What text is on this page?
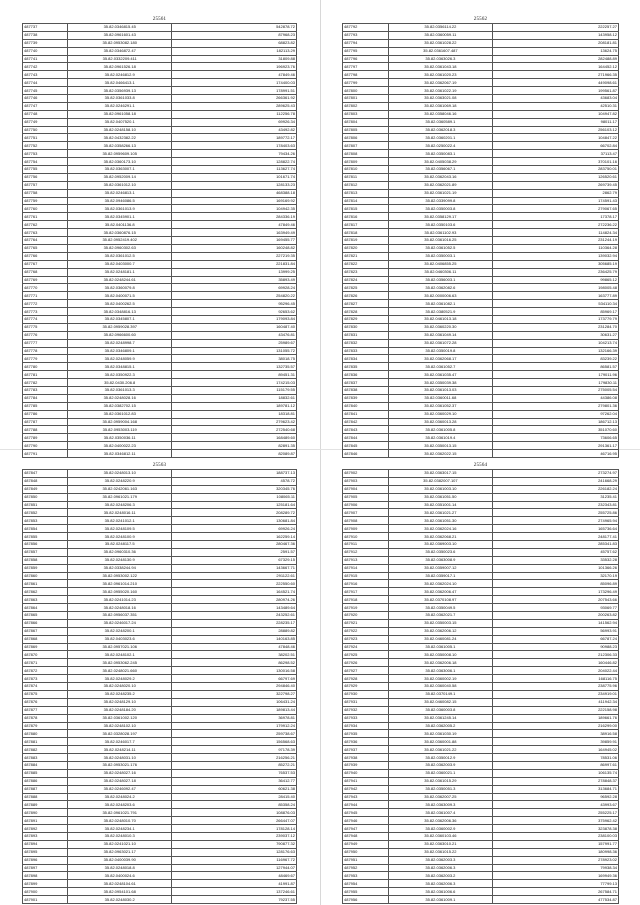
25561
487737	35.82.0346815.45	542878.72
487738	35.82.0961601.43	87968.23
487739	35.82.0953082.180	68823.82
487740	35.82.0346872.47	182113.29
487741	35.82.0332209.411	31809.88
487742	35.82.0961526.18	196923.76
487743	35.82.0246812.9	47849.46
487744	35.82.0466413.1	174400.03
487745	35.82.0356939.13	178991.51
487746	35.82.0361033.8	266361.92
487747	35.82.0246291.1	289625.43
487748	35.82.0961058.18	112256.78
487749	35.82.0407520.1	69926.34
487750	35.82.0248158.10	43492.82
487751	35.82.0432382.22	189772.17
487752	35.82.0358266.13	178403.63
487753	35.82.0959609.105	79434.26
487754	35.82.0360173.10	128822.74
487755	35.82.0363007.1	113627.74
487756	35.82.0952009.14	101671.74
487757	35.82.0361012.10	128133.23
487758	35.82.0246813.1	468388.18
487759	35.82.0946086.5	169169.92
487760	35.82.0361013.9	104942.35
487761	35.82.0345901.1	284336.19
487762	35.82.0401136.8	47849.46
487763	35.82.0360876.15	163949.49
487764	35.82.0952419.402	169455.77
487765	35.82.0960302.63	160248.82
487766	35.82.0361012.5	227219.35
487767	35.82.0403000.7	221831.84
487768	35.82.0248181.1	13999.25
487769	35.82.0248244.61	35893.49
487770	35.82.0360079.8	69928.24
487771	35.82.0400071.5	254820.22
487772	35.82.0400262.5	95296.45
487773	35.82.0348816.13	92653.62
487774	35.82.0345807.1	179093.84
487775	35.82.0959028.397	160487.40
487776	35.82.0966600.60	43476.81
487777	35.82.0248998.7	25989.67
487778	35.82.0346809.1	131055.72
487779	35.82.0248059.9	38018.75
487780	35.82.0348815.1	132735.57
487781	35.82.0350922.3	89451.31
487782	35.82.0430.206.8	174215.03
487783	35.82.0361013.3	115179.55
487784	35.82.0248028.16	18832.61
487785	35.82.0382702.15	189781.12
487786	35.82.0361012.83	18318.81
487787	35.82.0959004.168	279623.42
487788	35.82.0953003.119	272540.68
487789	35.82.0350036.11	168489.60
487790	35.82.0400022.23	82891.35
487791	35.82.0346812.11	82089.87
25562
487792	35.82.0356114.22	222257.27
487793	35.82.0360059.11	143958.12
487794	35.82.0361028.22	208181.81
487795	35.82.0361607.487	13624.75
487796	35.82.0363026.3	282488.89
487797	35.82.0361043.18	164452.12
487798	35.82.0361020.23	271966.35
487799	35.82.0362067.19	449098.61
487800	35.82.0361022.19	199561.87
487801	35.82.0363021.08	43683.04
487802	35.82.0361069.18	42510.31
487803	35.82.0358046.16	104947.82
487804	35.82.0360589.1	98011.17
487805	35.82.0362018.3	256103.12
487806	35.82.0360201.1	104847.22
487807	35.82.0250022.4	66702.84
487808	35.82.0350083.1	37113.47
487809	35.82.0405038.29	370101.16
487810	35.82.0356067.1	283750.01
487811	35.82.0362043.16	126520.61
487812	35.82.0362021.89	269739.45
487813	35.82.0361021.19	2862.79
487814	35.82.0339099.8	174591.43
487815	35.82.0350003.8	279067.65
487816	35.82.0358129.17	17378.17
487817	35.82.0350103.6	272236.22
487818	35.82.0361102.93	114824.34
487819	35.82.0361016.25	231244.19
487820	35.82.0361052.5	110364.28
487821	35.82.0350003.1	139032.94
487822	35.82.0406855.25	305685.19
487823	35.82.0460306.11	236425.79
487824	35.82.0356003.1	99865.12
487825	35.82.0362082.6	198005.48
487826	35.82.0000006.63	163777.89
487827	35.82.0361082.1	534110.34
487828	35.82.0380521.9	85969.17
487829	35.82.0461013.18	173779.79
487830	35.82.0360220.30	231284.70
487831	35.82.0361049.14	30631.27
487832	35.82.0361072.28	104213.74
487833	35.82.0350019.8	132166.39
487834	35.82.0362068.17	83239.22
487835	35.82.0361052.7	86581.57
487836	35.82.0361035.47	179011.96
487837	35.82.0350039.38	179830.11
487838	35.82.0361013.03	275005.54
487839	35.82.0360011.68	44386.08
487840	35.82.0361052.37	279801.36
487841	35.82.0360029.10	97262.04
487842	35.82.0360013.28	186712.13
487843	35.82.0361005.8	351070.60
487844	35.82.0361019.4	73606.65
487845	35.82.0350013.15	291361.17
487846	35.82.0362022.15	46716.95
25563
487847	35.82.0248013.10	188737.13
487848	35.82.0248220.9	4578.72
487849	35.82.0242061.163	320345.76
487850	35.82.0961021.179	108065.11
487851	35.82.0248206.3	125181.64
487852	35.82.0248016.11	208289.72
487853	35.82.0241012.1	130681.84
487854	35.82.0248109.5	69926.24
487855	35.82.0248100.9	162259.14
487856	35.82.0248117.5	280467.36
487857	35.82.0960310.36	2591.57
487858	35.82.0248130.9	67329.15
487859	35.82.0338244.94	143667.71
487860	35.82.0953002.122	291122.61
487861	35.82.0961014.210	222550.60
487862	35.82.0955020.160	164521.74
487863	35.82.0241014.23	280974.26
487864	35.82.0248018.16	143489.64
487865	35.82.0956037.351	243252.61
487866	35.82.0246017.24	228235.17
487867	35.82.0248200.1	28889.82
487868	35.82.0403023.6	140163.85
487869	35.82.0957021.106	47848.46
487870	35.82.0248102.1	38202.51
487871	35.82.0953062.245	86298.52
487872	35.82.0248021.660	130016.58
487873	35.82.0248029.2	66797.69
487874	35.82.0248020.10	294846.40
487875	35.82.0248235.2	322798.27
487876	35.82.0248129.10	106431.24
487877	35.82.0248184.20	189813.44
487878	35.82.0361002.120	36978.81
487879	35.82.0248102.10	179912.24
487880	35.82.0328028.197	259738.67
487881	35.82.0246017.7	156568.63
487882	35.82.0248214.11	97178.39
487883	35.82.0248031.10	216256.21
487884	35.82.0953021.176	85272.21
487885	35.82.0248027.16	76537.53
487886	35.82.0248027.18	36412.77
487887	35.82.0246092.47	60621.38
487888	35.82.0248024.2	28415.40
487889	35.82.0248203.6	85358.24
487890	35.82.0961021.791	108876.03
487891	35.82.0248010.70	266447.07
487892	35.82.0248234.1	178128.14
487893	35.82.0248010.3	239037.12
487894	35.82.0241021.10	790877.32
487895	35.82.0963021.17	128176.63
487896	35.82.0400039.90	116967.72
487897	35.82.0248018.8	127944.07
487898	35.82.0400024.6	48469.67
487899	35.82.0248104.61	41991.87
487900	35.82.0954101.68	137246.61
487901	35.82.0248030.2	79237.55
25564
487902	35.82.0363017.15	273274.97
487903	35.82.0382007.107	241668.29
487904	35.82.0361003.10	226182.24
487905	35.82.0361051.50	31235.41
487906	35.82.0351001.14	232343.81
487907	35.82.0361021.27	255725.86
487908	35.82.0361051.30	274965.94
487909	35.82.0362024.16	165736.64
487910	35.82.0362068.21	248177.41
487911	35.82.0369003.10	285341.83
487912	35.82.0350023.6	45757.62
487913	35.82.0363008.9	33532.28
487914	35.82.0359007.12	101366.26
487915	35.82.0359017.1	32170.19
487916	35.82.0362024.10	85096.89
487917	35.82.0362006.47	173296.49
487918	35.82.0370108.97	207543.66
487919	35.82.0350049.5	93069.77
487920	35.82.0362021.7	200263.82
487921	35.82.0350003.15	141562.94
487922	35.82.0362006.12	56993.91
487923	35.82.0460081.24	66787.24
487924	35.82.0361005.1	90988.23
487925	35.82.0350008.10	212306.33
487926	35.82.0362006.18	160446.82
487927	35.82.0363006.1	204022.44
487928	35.82.0360002.19	168116.75
487929	35.82.0360040.58	238775.96
487930	35.82.0370149.1	234919.01
487931	35.82.0460082.15	411942.34
487932	35.82.0360003.8	222158.98
487933	35.82.0361245.14	189661.76
487934	35.82.0362005.2	216299.00
487935	35.82.0361030.19	38916.58
487936	35.82.0360001.88	39859.91
487937	35.82.0361021.22	164945.02
487938	35.82.0350012.9	78531.06
487939	35.82.0362003.9	86997.61
487940	35.82.0360021.1	106135.74
487941	35.82.0361015.29	278848.37
487942	35.82.0350051.3	313684.71
487943	35.82.0362007.25	96592.28
487944	35.82.0363009.3	43993.67
487945	35.82.0361007.4	255225.17
487946	35.82.0362006.36	375962.42
487947	35.82.0360002.9	323878.38
487948	35.82.0360103.46	238100.03
487949	35.82.0363010.21	157991.77
487950	35.82.0361015.22	180998.36
487951	35.82.0362003.3	278923.02
487952	35.82.0362006.3	79938.34
487953	35.82.0362003.2	169949.36
487954	35.82.0362006.3	77799.13
487955	35.82.0361006.6	267584.71
487956	35.82.0361009.1	477534.87
